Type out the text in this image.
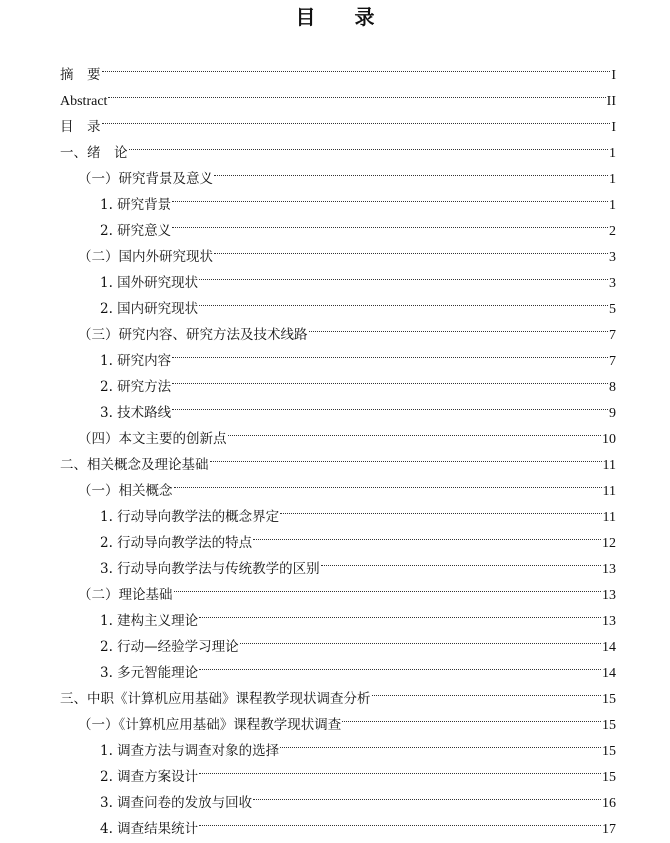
目 录
摘　要	I
Abstract	II
目　录	I
一、绪　论	1
（一）研究背景及意义	1
1. 研究背景	1
2. 研究意义	2
（二）国内外研究现状	3
1. 国外研究现状	3
2. 国内研究现状	5
（三）研究内容、研究方法及技术线路	7
1. 研究内容	7
2. 研究方法	8
3. 技术路线	9
（四）本文主要的创新点	10
二、相关概念及理论基础	11
（一）相关概念	11
1. 行动导向教学法的概念界定	11
2. 行动导向教学法的特点	12
3. 行动导向教学法与传统教学的区别	13
（二）理论基础	13
1. 建构主义理论	13
2. 行动—经验学习理论	14
3. 多元智能理论	14
三、中职《计算机应用基础》课程教学现状调查分析	15
（一）《计算机应用基础》课程教学现状调查	15
1. 调查方法与调查对象的选择	15
2. 调查方案设计	15
3. 调查问卷的发放与回收	16
4. 调查结果统计	17
